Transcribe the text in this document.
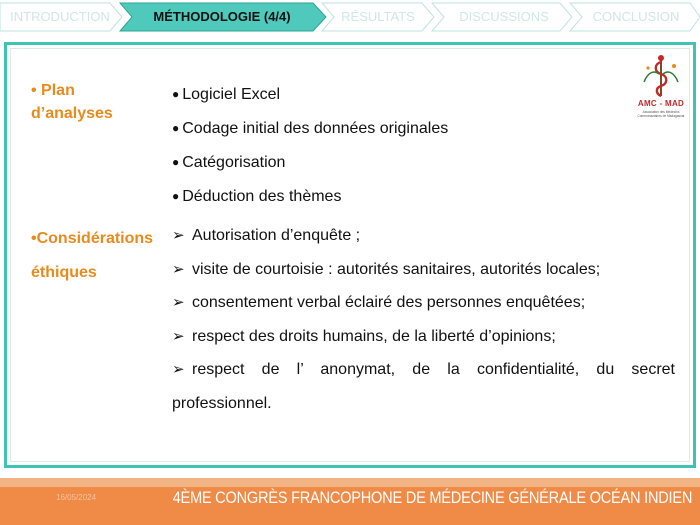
INTRODUCTION	MÉTHODOLOGIE (4/4)	RÉSULTATS	DISCUSSIONS	CONCLUSION
• Plan
d’analyses
● Logiciel Excel
● Codage initial des données originales
● Catégorisation
● Déduction des thèmes
•Considérations
éthiques
➢ Autorisation d’enquête ;
➢ visite de courtoisie : autorités sanitaires, autorités locales;
➢ consentement verbal éclairé des personnes enquêtées;
➢ respect des droits humains, de la liberté d’opinions;
➢ respect de l’ anonymat, de la confidentialité, du secret professionnel.
AMC - MAD
Association des Médecins Communautaires de Madagascar
16/05/2024	4ÈME CONGRÈS FRANCOPHONE DE MÉDECINE GÉNÉRALE OCÉAN INDIEN
